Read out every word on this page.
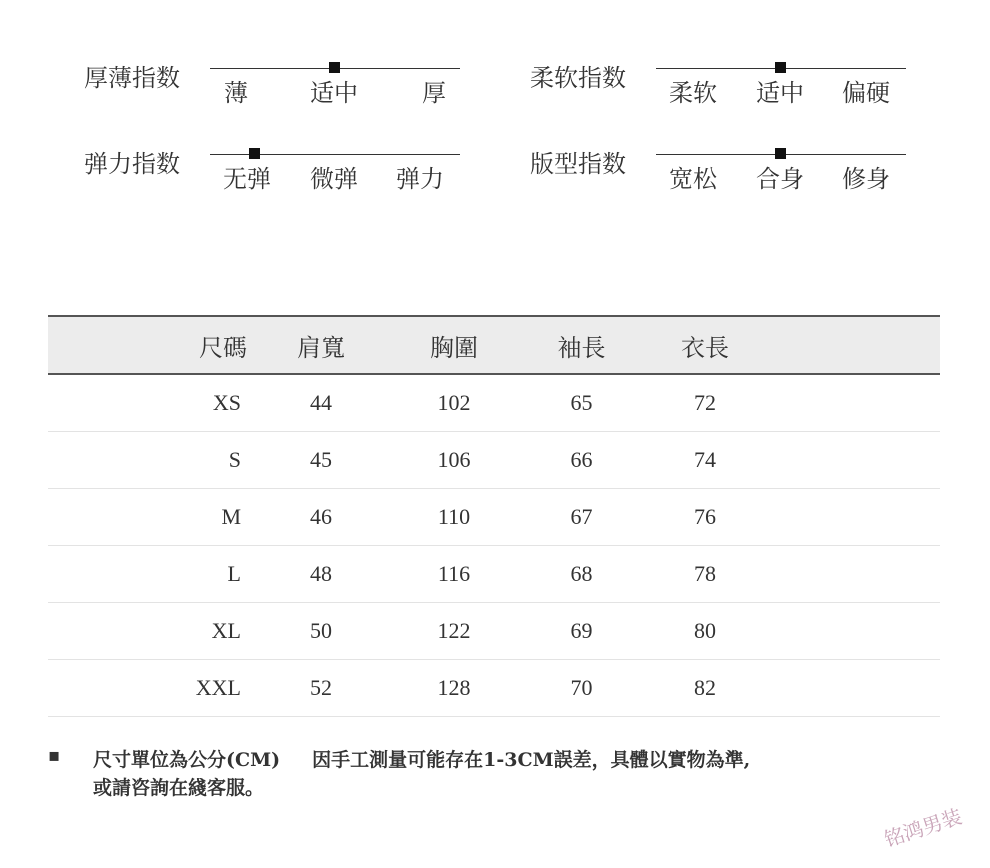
厚薄指数
薄	适中	厚
柔软指数
柔软 适中 偏硬
弹力指数
无弹 微弹 弹力
版型指数
宽松 合身 修身
尺碼	肩寬	胸圍	袖長	衣長	
XS	44	102	65	72	
S	45	106	66	74	
M	46	110	67	76	
L	48	116	68	78	
XL	50	122	69	80	
XXL	52	128	70	82	
▪ 尺寸單位為公分(CM) 因手工測量可能存在1-3CM誤差，具體以實物為準,
或請咨詢在綫客服。
铭鸿男装
